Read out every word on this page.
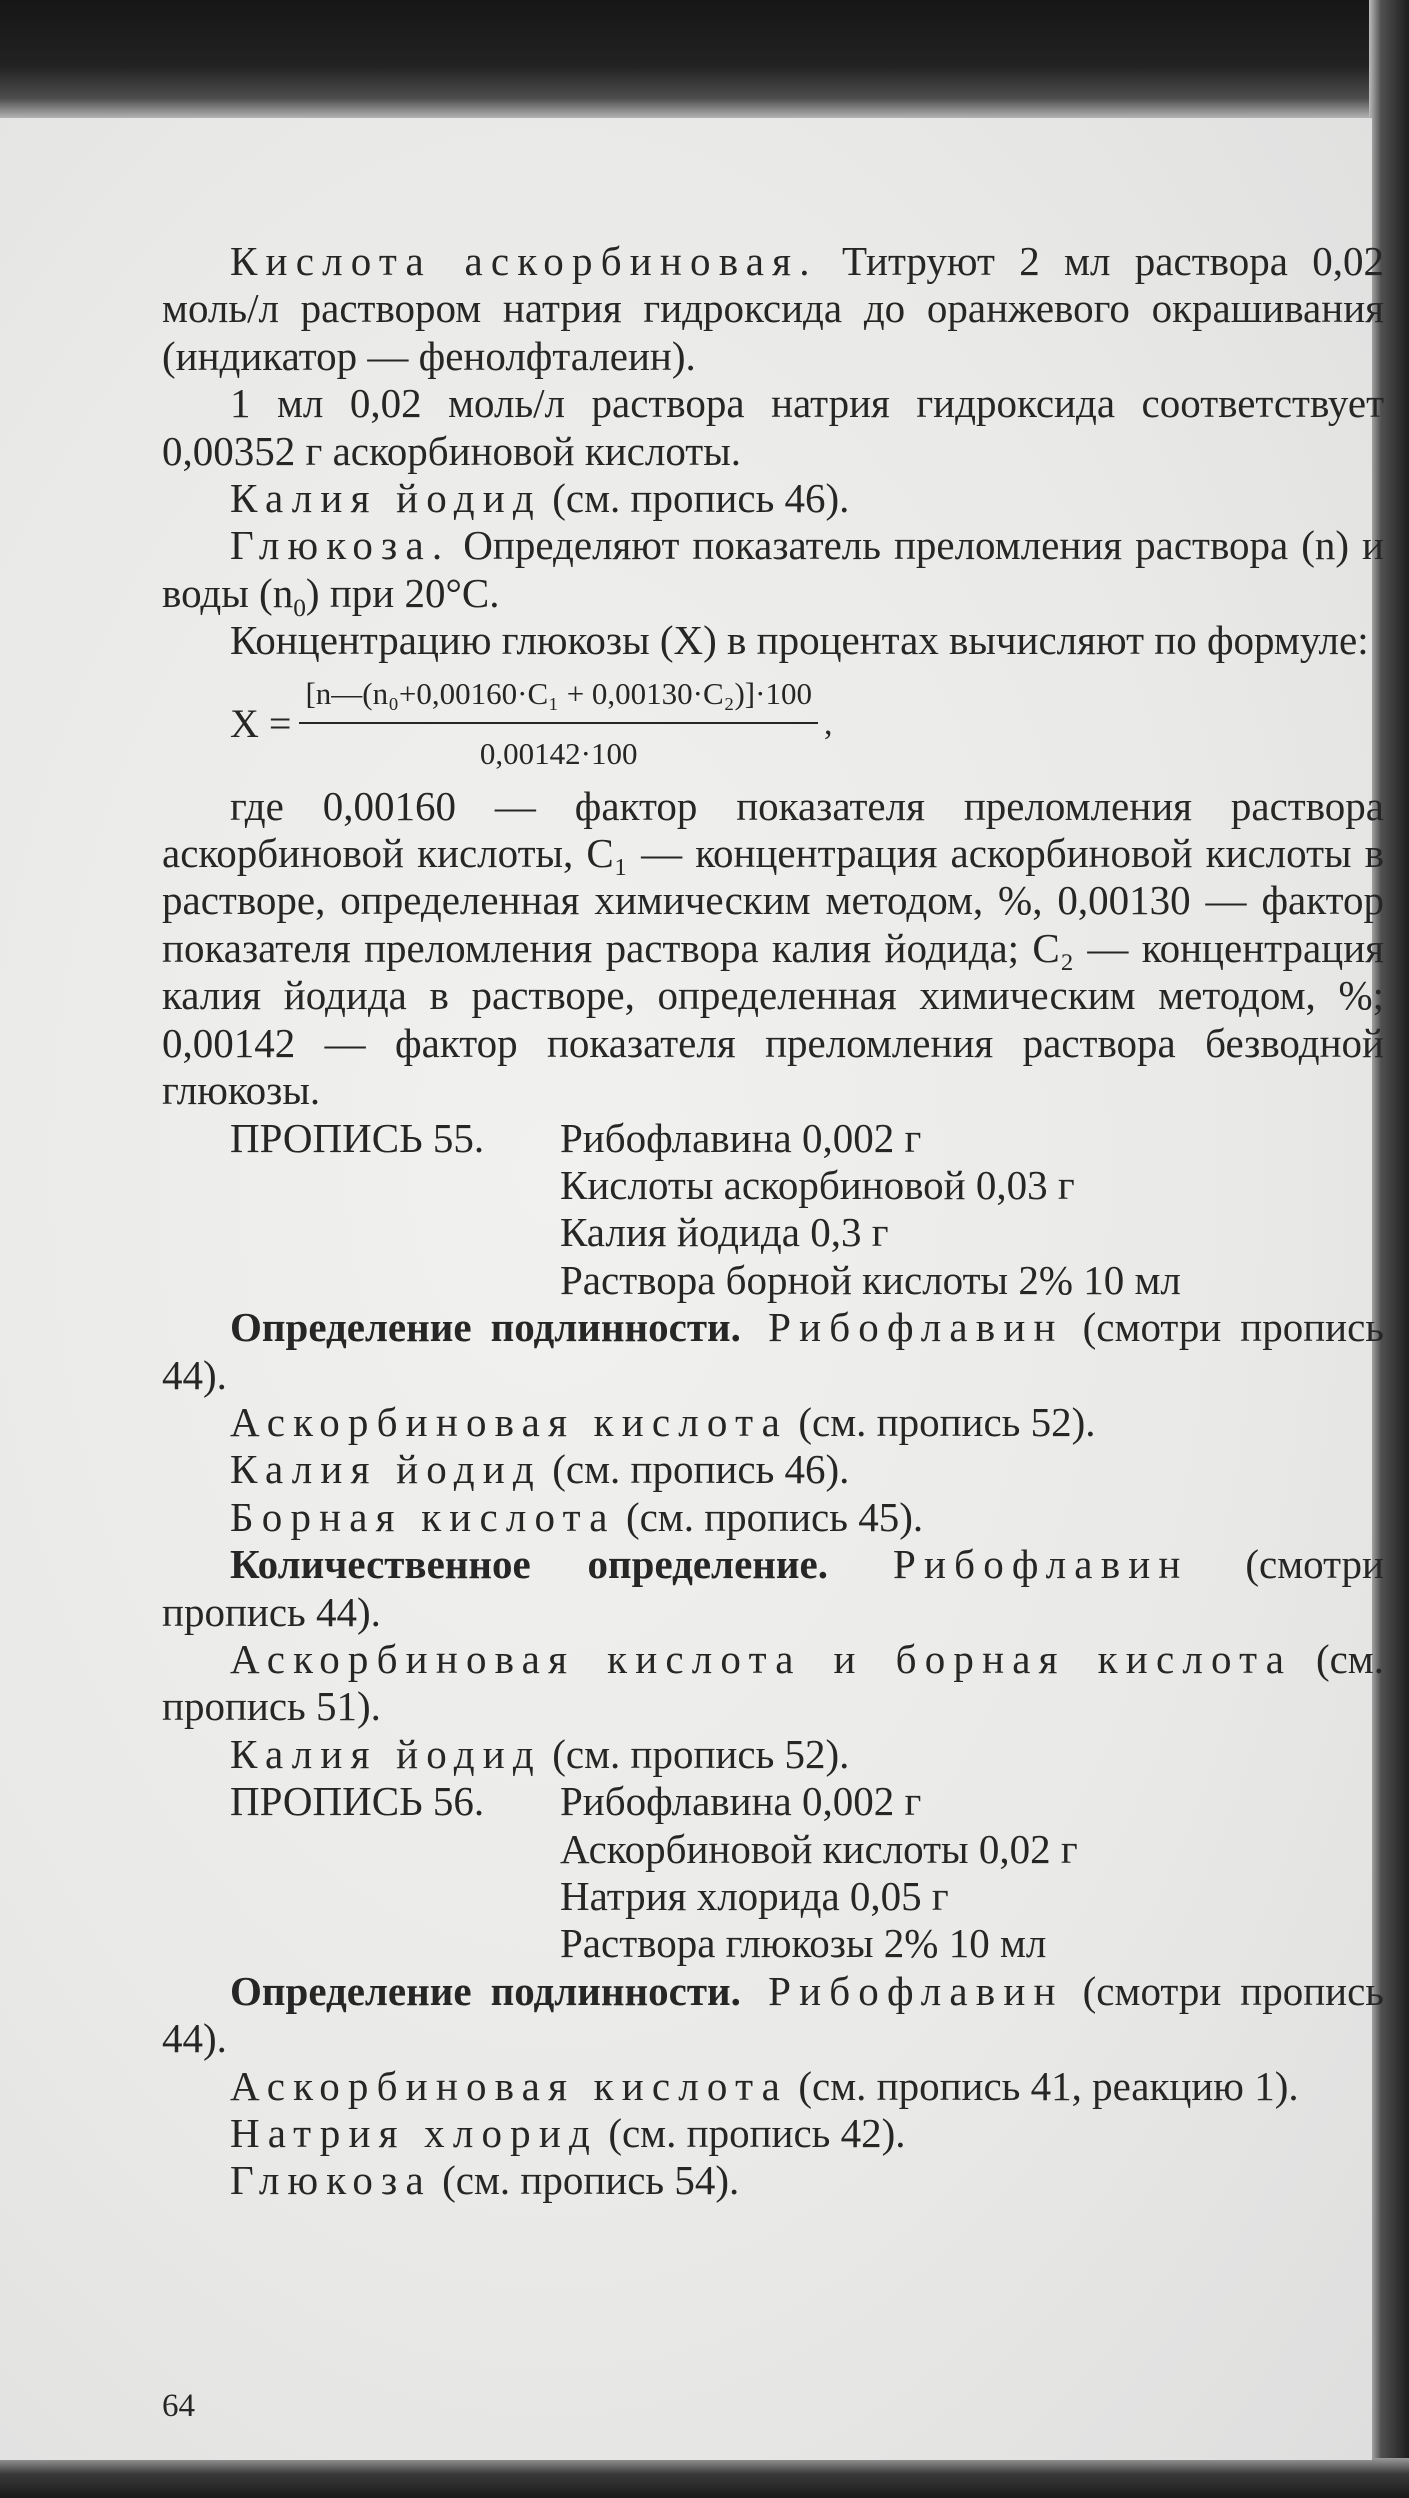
Кислота аскорбиновая. Титруют 2 мл раствора 0,02 моль/л раствором натрия гидроксида до оранжевого окрашивания (индикатор — фенолфталеин).

1 мл 0,02 моль/л раствора натрия гидроксида соответствует 0,00352 г аскорбиновой кислоты.

Калия йодид (см. пропись 46).

Глюкоза. Определяют показатель преломления раствора (n) и воды $(n_0)$ при 20°С.

Концентрацию глюкозы (X) в процентах вычисляют по формуле:

$X = \frac{\text{[n—(n₀+0,00160·C₁ + 0,00130·C₂)]·100}}{0,00142\cdot 100}$ ,

где 0,00160 — фактор показателя преломления раствора аскорбиновой кислоты, C₁ — концентрация аскорбиновой кислоты в растворе, определенная химическим методом, %, 0,00130 — фактор показателя преломления раствора калия йодида; C₂ — концентрация калия йодида в растворе, определенная химическим методом, %; 0,00142 — фактор показателя преломления раствора безводной глюкозы.

ПРОПИСЬ 55.	Рибофлавина 0,002 г
Кислоты аскорбиновой 0,03 г
Калия йодида 0,3 г
Раствора борной кислоты 2% 10 мл

Определение подлинности. Рибофлавин (смотри пропись 44).

Аскорбиновая кислота (см. пропись 52).

Калия йодид (см. пропись 46).

Борная кислота (см. пропись 45).

Количественное определение. Рибофлавин (смотри пропись 44).

Аскорбиновая кислота и борная кислота (см. пропись 51).

Калия йодид (см. пропись 52).

ПРОПИСЬ 56.	Рибофлавина 0,002 г
Аскорбиновой кислоты 0,02 г
Натрия хлорида 0,05 г
Раствора глюкозы 2% 10 мл

Определение подлинности. Рибофлавин (смотри пропись 44).

Аскорбиновая кислота (см. пропись 41, реакцию 1).

Натрия хлорид (см. пропись 42).

Глюкоза (см. пропись 54).

64
